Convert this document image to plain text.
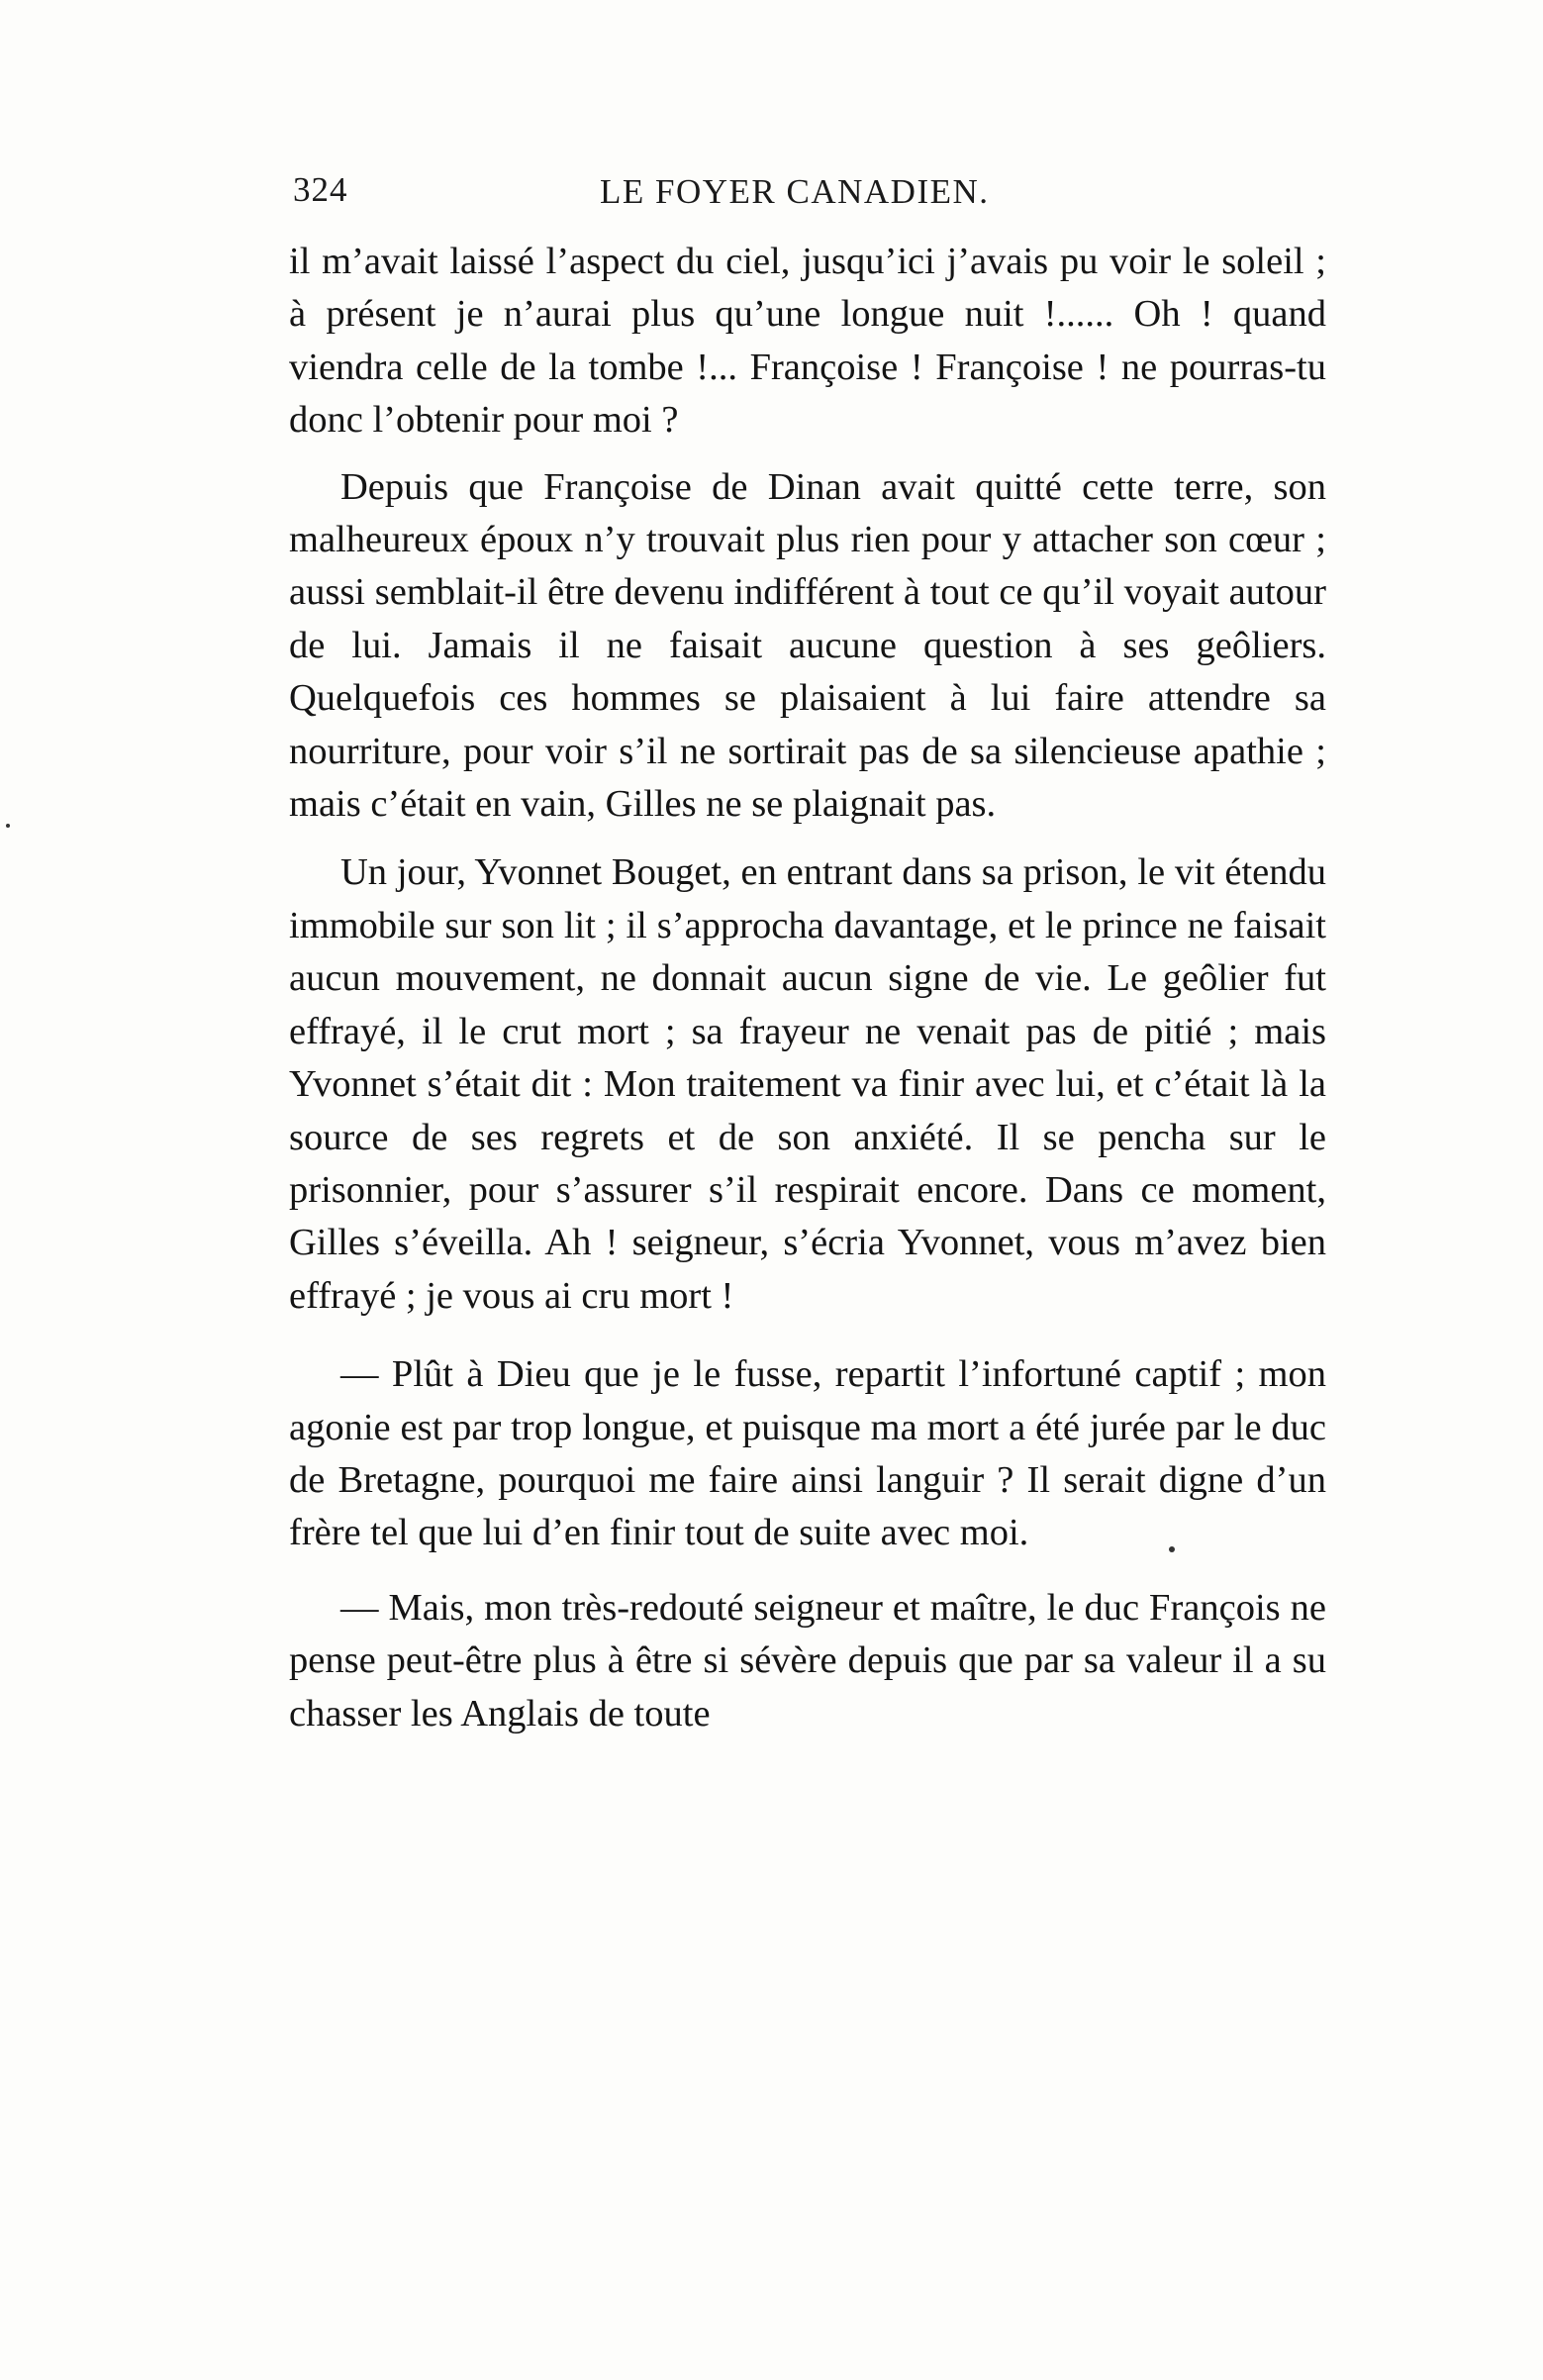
324	LE FOYER CANADIEN.

il m’avait laissé l’aspect du ciel, jusqu’ici j’avais pu voir le soleil ; à présent je n’aurai plus qu’une longue nuit !...... Oh ! quand viendra celle de la tombe !... Françoise ! Françoise ! ne pourras-tu donc l’obtenir pour moi ?

Depuis que Françoise de Dinan avait quitté cette terre, son malheureux époux n’y trouvait plus rien pour y attacher son cœur ; aussi semblait-il être devenu indifférent à tout ce qu’il voyait autour de lui. Jamais il ne faisait aucune question à ses geôliers. Quelquefois ces hommes se plaisaient à lui faire attendre sa nourriture, pour voir s’il ne sortirait pas de sa silencieuse apathie ; mais c’était en vain, Gilles ne se plaignait pas.

Un jour, Yvonnet Bouget, en entrant dans sa prison, le vit étendu immobile sur son lit ; il s’approcha davantage, et le prince ne faisait aucun mouvement, ne donnait aucun signe de vie. Le geôlier fut effrayé, il le crut mort ; sa frayeur ne venait pas de pitié ; mais Yvonnet s’était dit : Mon traitement va finir avec lui, et c’était là la source de ses regrets et de son anxiété. Il se pencha sur le prisonnier, pour s’assurer s’il respirait encore. Dans ce moment, Gilles s’éveilla. Ah ! seigneur, s’écria Yvonnet, vous m’avez bien effrayé ; je vous ai cru mort !

— Plût à Dieu que je le fusse, repartit l’infortuné captif ; mon agonie est par trop longue, et puisque ma mort a été jurée par le duc de Bretagne, pourquoi me faire ainsi languir ? Il serait digne d’un frère tel que lui d’en finir tout de suite avec moi.

— Mais, mon très-redouté seigneur et maître, le duc François ne pense peut-être plus à être si sévère depuis que par sa valeur il a su chasser les Anglais de toute
